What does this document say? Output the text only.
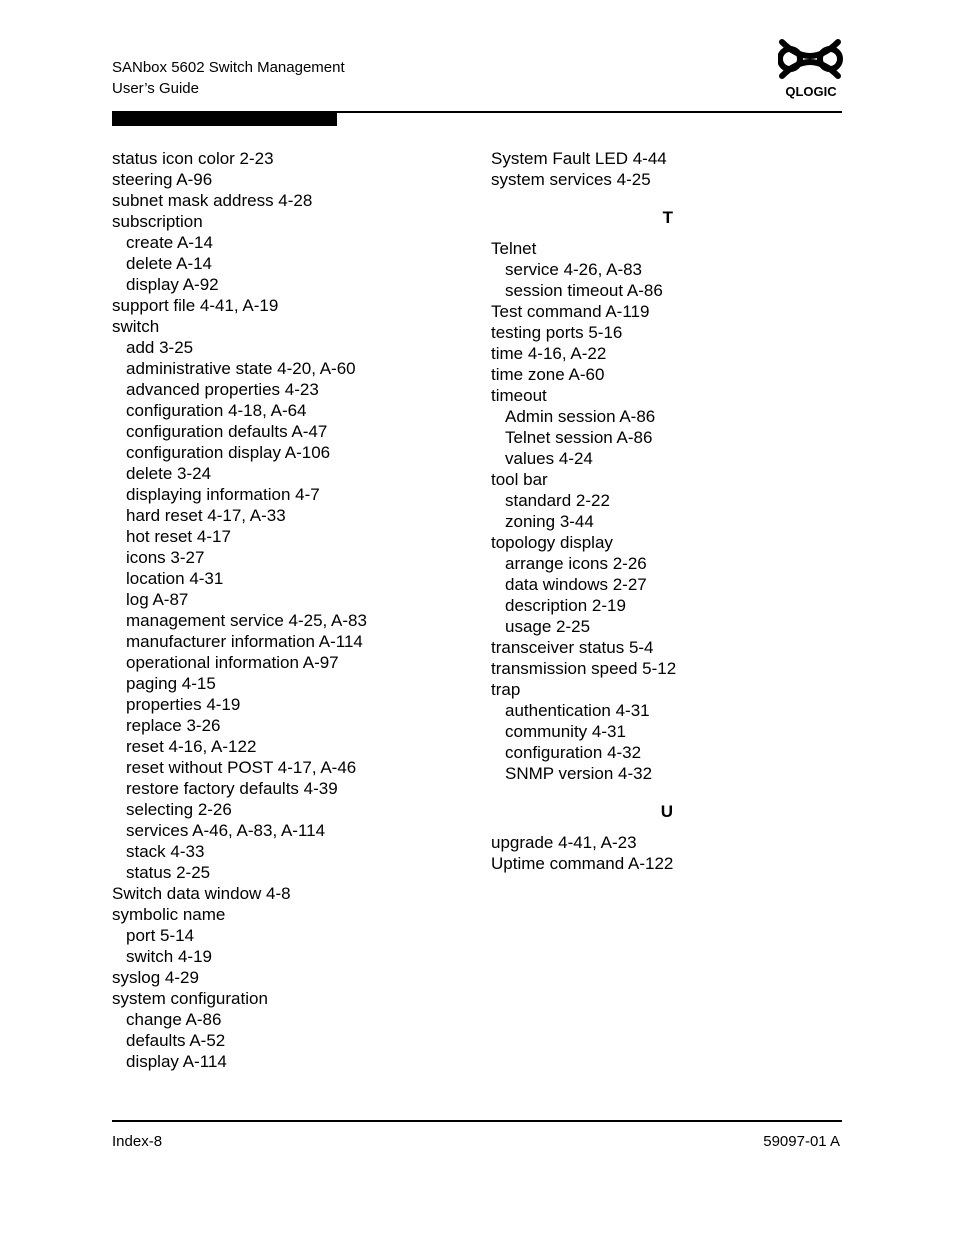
SANbox 5602 Switch Management
User’s Guide	QLOGIC
status icon color 2-23
steering A-96
subnet mask address 4-28
subscription
create A-14
delete A-14
display A-92
support file 4-41, A-19
switch
add 3-25
administrative state 4-20, A-60
advanced properties 4-23
configuration 4-18, A-64
configuration defaults A-47
configuration display A-106
delete 3-24
displaying information 4-7
hard reset 4-17, A-33
hot reset 4-17
icons 3-27
location 4-31
log A-87
management service 4-25, A-83
manufacturer information A-114
operational information A-97
paging 4-15
properties 4-19
replace 3-26
reset 4-16, A-122
reset without POST 4-17, A-46
restore factory defaults 4-39
selecting 2-26
services A-46, A-83, A-114
stack 4-33
status 2-25
Switch data window 4-8
symbolic name
port 5-14
switch 4-19
syslog 4-29
system configuration
change A-86
defaults A-52
display A-114
System Fault LED 4-44
system services 4-25
T
Telnet
service 4-26, A-83
session timeout A-86
Test command A-119
testing ports 5-16
time 4-16, A-22
time zone A-60
timeout
Admin session A-86
Telnet session A-86
values 4-24
tool bar
standard 2-22
zoning 3-44
topology display
arrange icons 2-26
data windows 2-27
description 2-19
usage 2-25
transceiver status 5-4
transmission speed 5-12
trap
authentication 4-31
community 4-31
configuration 4-32
SNMP version 4-32
U
upgrade 4-41, A-23
Uptime command A-122
Index-8	59097-01 A
